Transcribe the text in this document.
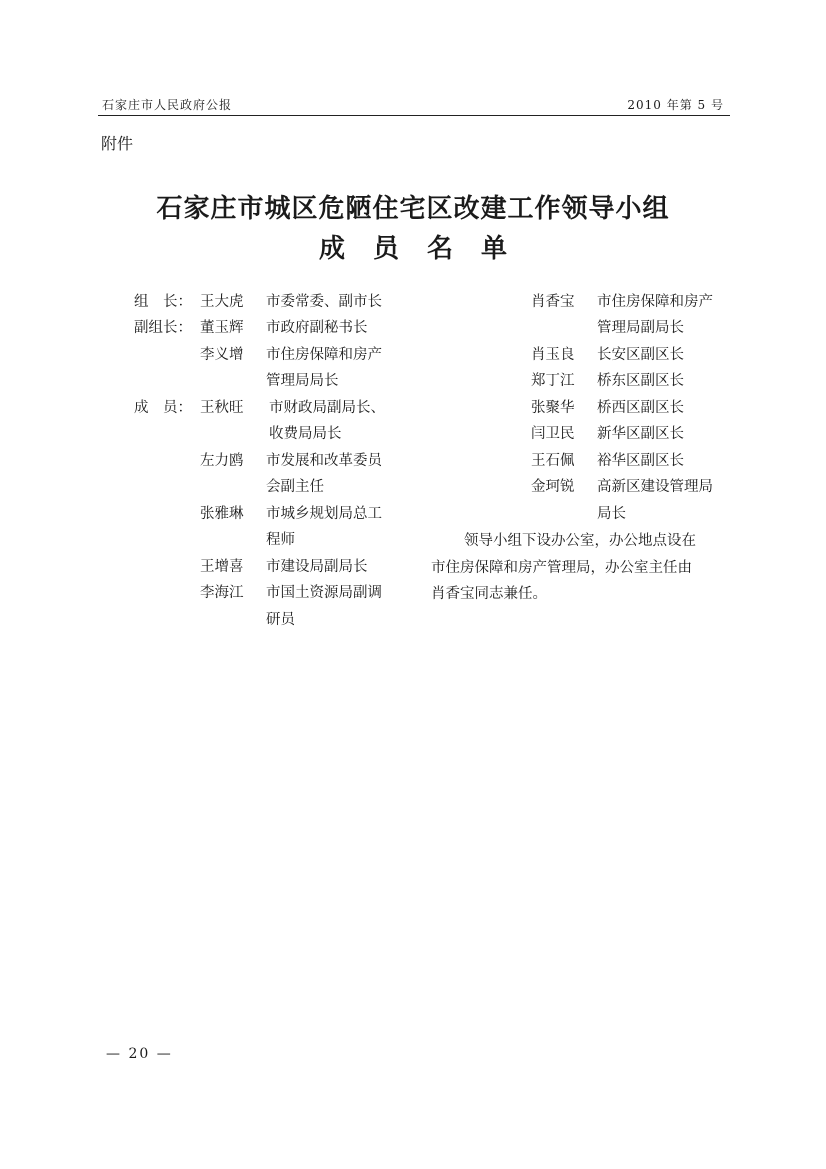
石家庄市人民政府公报	2010 年第 5 号
附件
石家庄市城区危陋住宅区改建工作领导小组
成员名单
组　长：
副组长：
成　员：
王大虎 市委常委、副市长
董玉辉 市政府副秘书长
李义增 市住房保障和房产
管理局局长
王秋旺 市财政局副局长、
收费局局长
左力鸥 市发展和改革委员
会副主任
张雅琳 市城乡规划局总工
程师
王增喜 市建设局副局长
李海江 市国土资源局副调
研员
肖香宝 市住房保障和房产
管理局副局长
肖玉良 长安区副区长
郑丁江 桥东区副区长
张聚华 桥西区副区长
闫卫民 新华区副区长
王石佩 裕华区副区长
金珂锐 高新区建设管理局
局长

领导小组下设办公室，办公地点设在

市住房保障和房产管理局，办公室主任由

肖香宝同志兼任。

— 20 —
